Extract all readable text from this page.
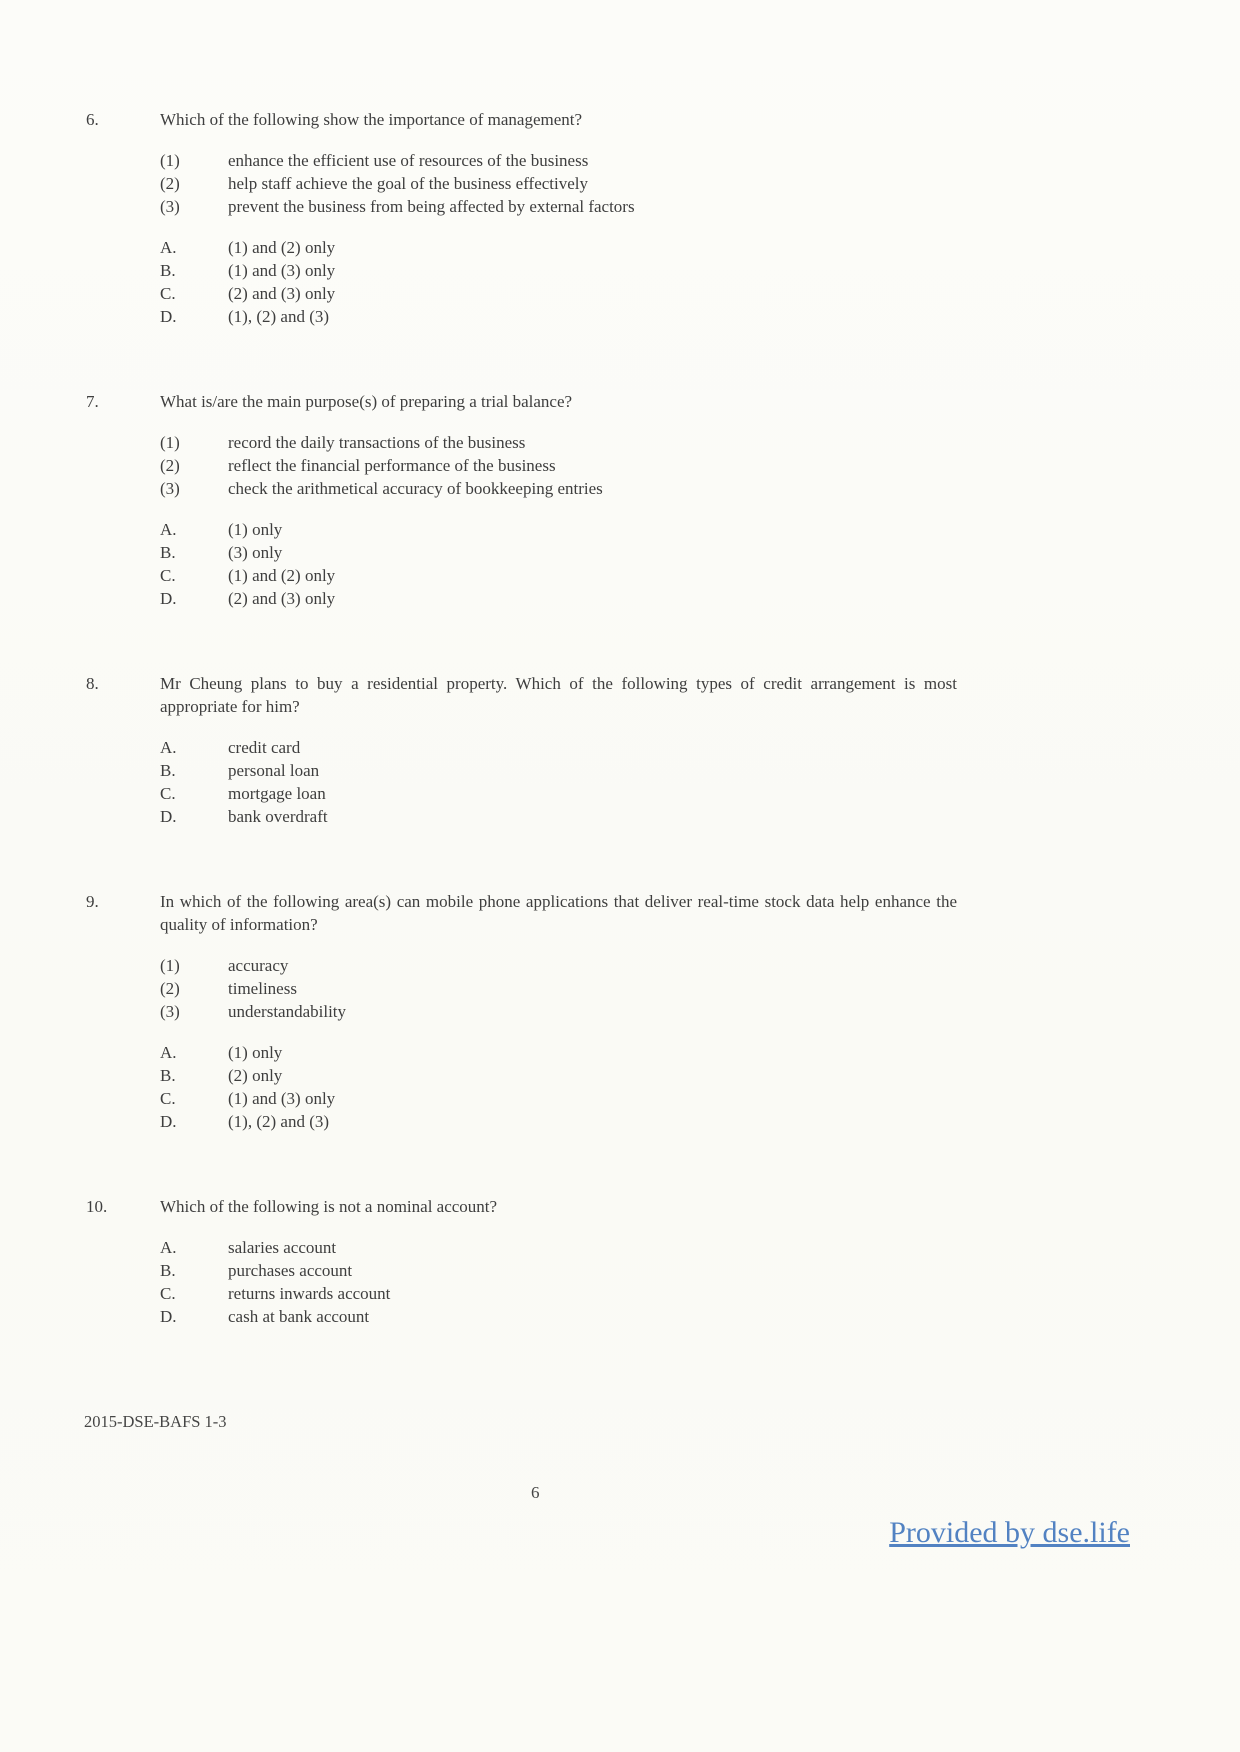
6.	Which of the following show the importance of management?
(1)	enhance the efficient use of resources of the business
(2)	help staff achieve the goal of the business effectively
(3)	prevent the business from being affected by external factors
A.	(1) and (2) only
B.	(1) and (3) only
C.	(2) and (3) only
D.	(1), (2) and (3)
7.	What is/are the main purpose(s) of preparing a trial balance?
(1)	record the daily transactions of the business
(2)	reflect the financial performance of the business
(3)	check the arithmetical accuracy of bookkeeping entries
A.	(1) only
B.	(3) only
C.	(1) and (2) only
D.	(2) and (3) only
8.	Mr Cheung plans to buy a residential property. Which of the following types of credit arrangement is most appropriate for him?
A.	credit card
B.	personal loan
C.	mortgage loan
D.	bank overdraft
9.	In which of the following area(s) can mobile phone applications that deliver real-time stock data help enhance the quality of information?
(1)	accuracy
(2)	timeliness
(3)	understandability
A.	(1) only
B.	(2) only
C.	(1) and (3) only
D.	(1), (2) and (3)
10.	Which of the following is not a nominal account?
A.	salaries account
B.	purchases account
C.	returns inwards account
D.	cash at bank account
2015-DSE-BAFS 1-3
6
Provided by dse.life
